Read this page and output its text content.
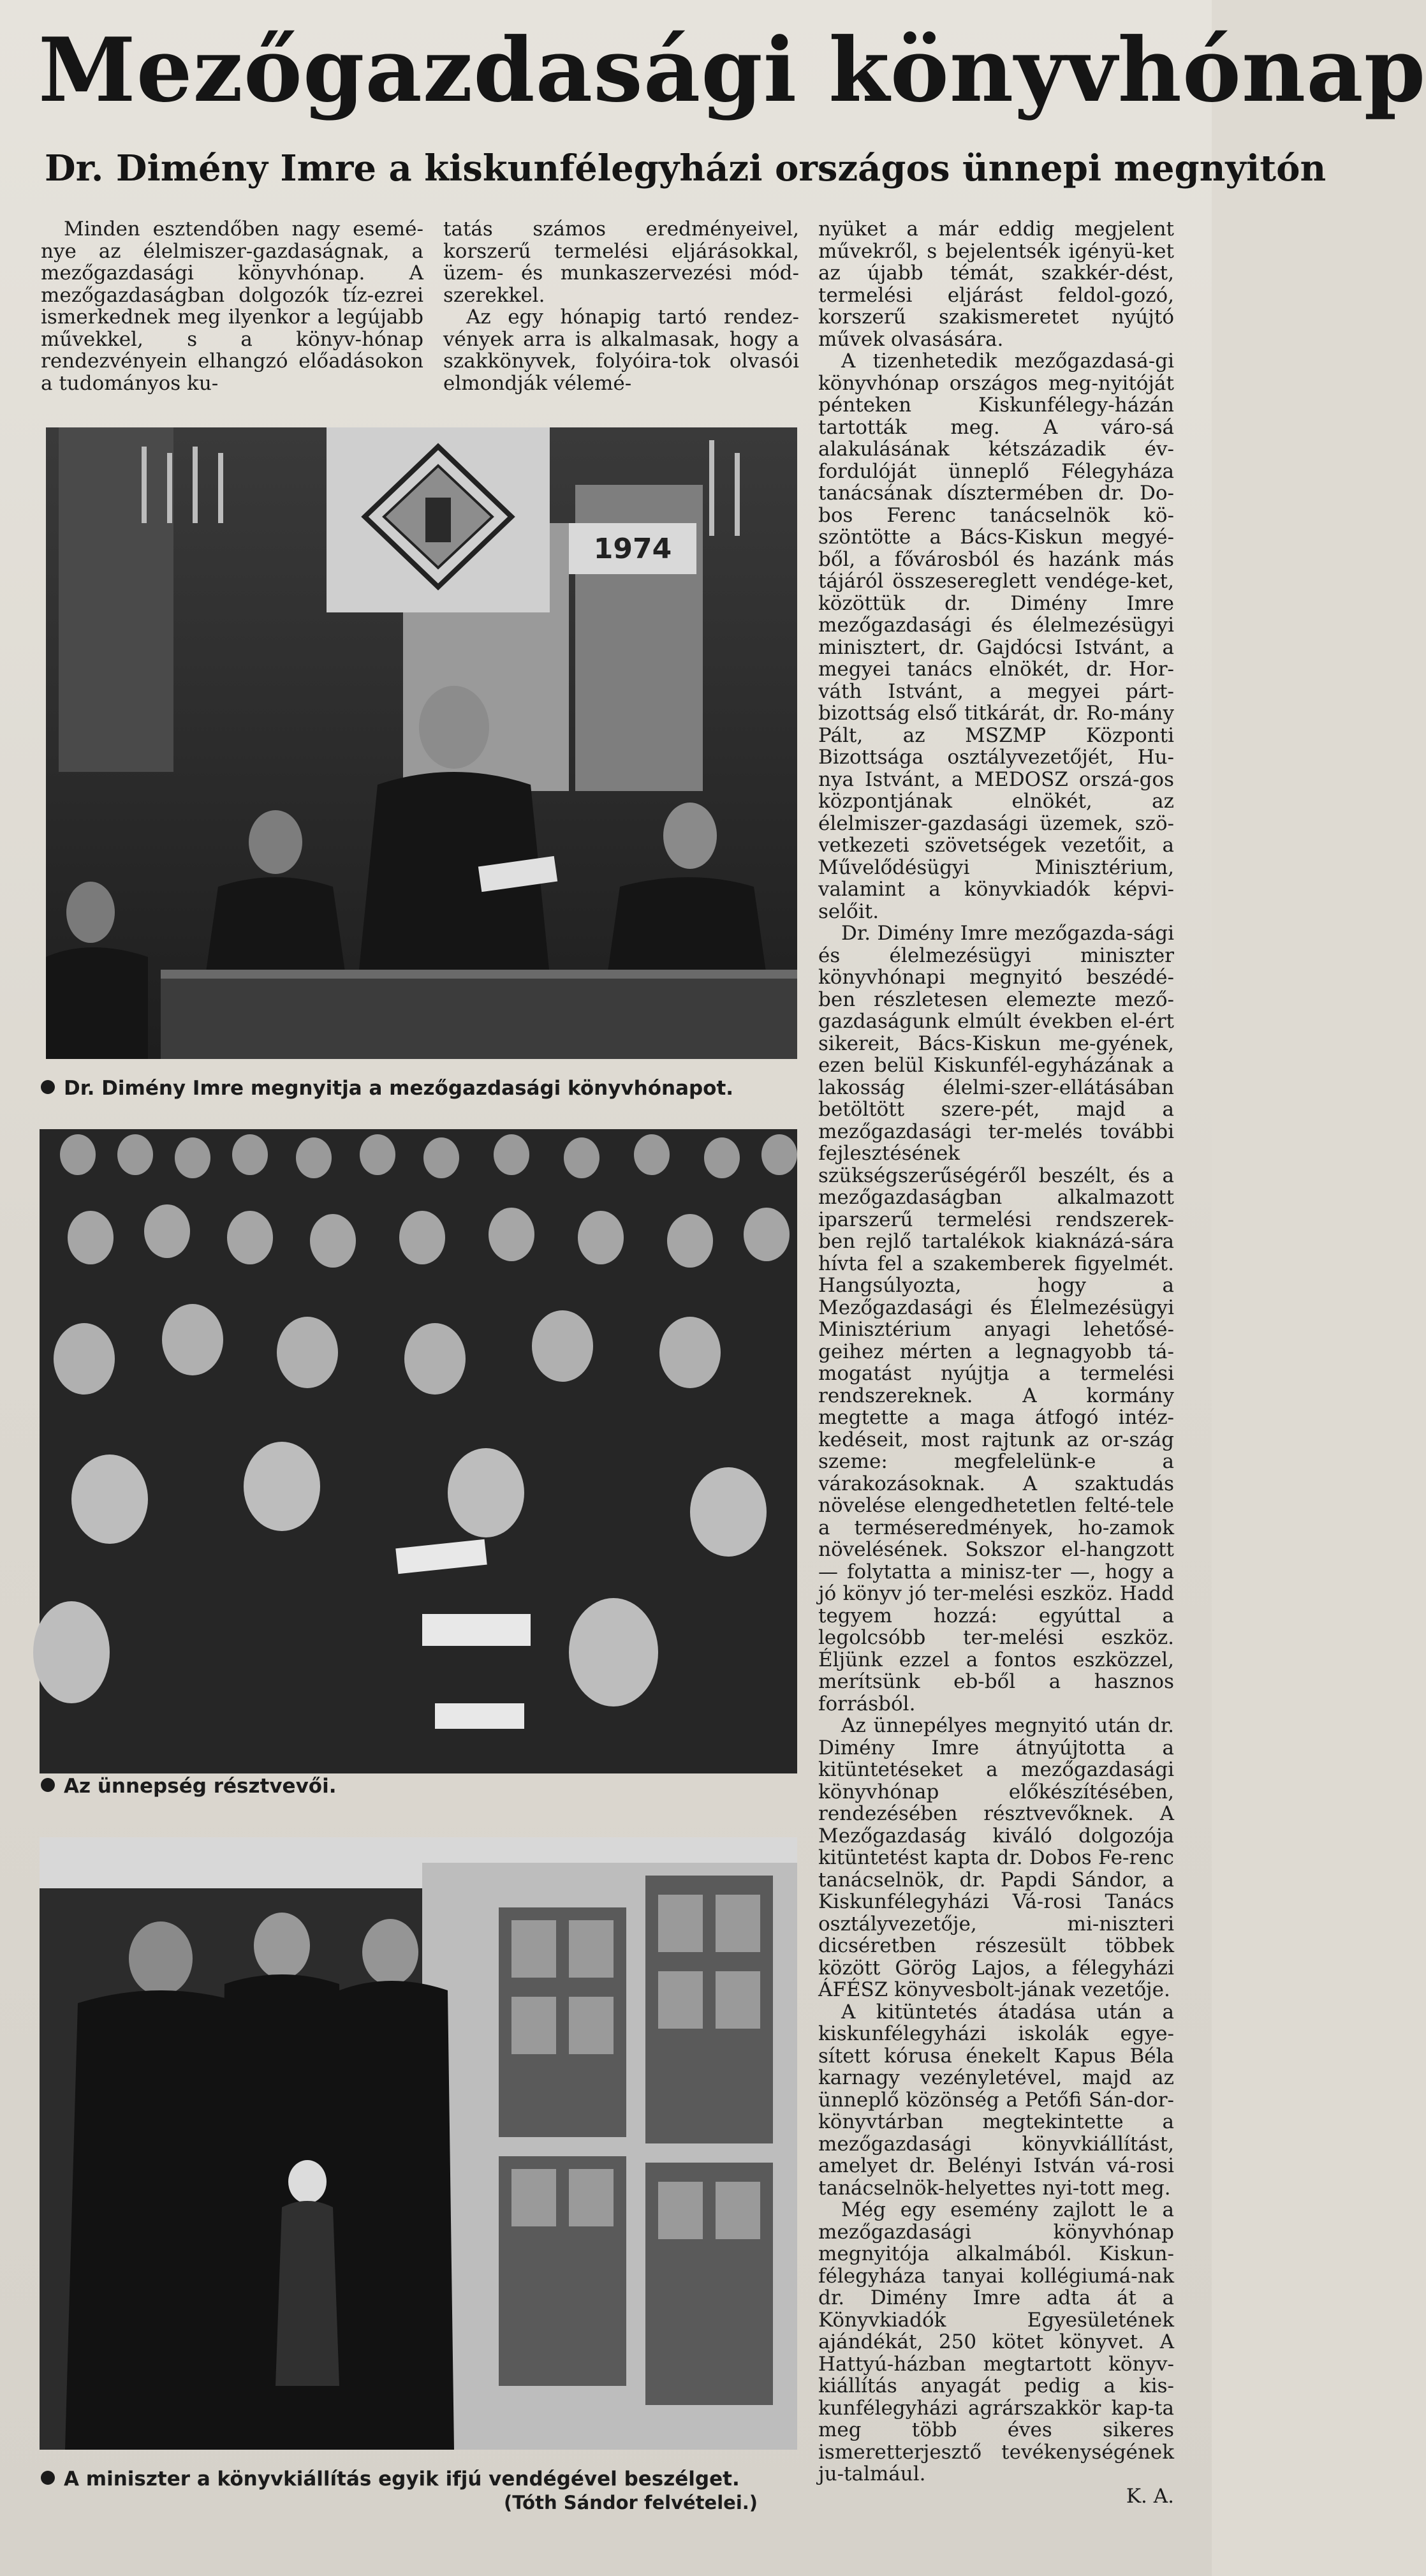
Mezőgazdasági könyvhónap
Dr. Dimény Imre a kiskunfélegyházi országos ünnepi megnyitón

Minden esztendőben nagy esemé-nye az élelmiszer-gazdaságnak, a mezőgazdasági könyvhónap. A mezőgazdaságban dolgozók tíz-ezrei ismerkednek meg ilyenkor a legújabb művekkel, s a könyv-hónap rendezvényein elhangzó előadásokon a tudományos ku-

tatás számos eredményeivel, korszerű termelési eljárásokkal, üzem- és munkaszervezési mód-szerekkel.

Az egy hónapig tartó rendez-vények arra is alkalmasak, hogy a szakkönyvek, folyóira-tok olvasói elmondják vélemé-

1974
Dr. Dimény Imre megnyitja a mezőgazdasági könyvhónapot.
Az ünnepség résztvevői.
A miniszter a könyvkiállítás egyik ifjú vendégével beszélget.
(Tóth Sándor felvételei.)

nyüket a már eddig megjelent művekről, s bejelentsék igényü-ket az újabb témát, szakkér-dést, termelési eljárást feldol-gozó, korszerű szakismeretet nyújtó művek olvasására.

A tizenhetedik mezőgazdasá-gi könyvhónap országos meg-nyitóját pénteken Kiskunfélegy-házán tartották meg. A váro-sá alakulásának kétszázadik év-fordulóját ünneplő Félegyháza tanácsának dísztermében dr. Do-bos Ferenc tanácselnök kö-szöntötte a Bács-Kiskun megyé-ből, a fővárosból és hazánk más tájáról összesereglett vendége-ket, közöttük dr. Dimény Imre mezőgazdasági és élelmezésügyi minisztert, dr. Gajdócsi Istvánt, a megyei tanács elnökét, dr. Hor-váth Istvánt, a megyei párt-bizottság első titkárát, dr. Ro-mány Pált, az MSZMP Központi Bizottsága osztályvezetőjét, Hu-nya Istvánt, a MEDOSZ orszá-gos központjának elnökét, az élelmiszer-gazdasági üzemek, szö-vetkezeti szövetségek vezetőit, a Művelődésügyi Minisztérium, valamint a könyvkiadók képvi-selőit.

Dr. Dimény Imre mezőgazda-sági és élelmezésügyi miniszter könyvhónapi megnyitó beszédé-ben részletesen elemezte mező-gazdaságunk elmúlt években el-ért sikereit, Bács-Kiskun me-gyének, ezen belül Kiskunfél-egyházának a lakosság élelmi-szer-ellátásában betöltött szere-pét, majd a mezőgazdasági ter-melés további fejlesztésének szükségszerűségéről beszélt, és a mezőgazdaságban alkalmazott iparszerű termelési rendszerek-ben rejlő tartalékok kiaknázá-sára hívta fel a szakemberek figyelmét. Hangsúlyozta, hogy a Mezőgazdasági és Élelmezésügyi Minisztérium anyagi lehetősé-geihez mérten a legnagyobb tá-mogatást nyújtja a termelési rendszereknek. A kormány megtette a maga átfogó intéz-kedéseit, most rajtunk az or-szág szeme: megfelelünk-e a várakozásoknak. A szaktudás növelése elengedhetetlen felté-tele a terméseredmények, ho-zamok növelésének. Sokszor el-hangzott — folytatta a minisz-ter —, hogy a jó könyv jó ter-melési eszköz. Hadd tegyem hozzá: egyúttal a legolcsóbb ter-melési eszköz. Éljünk ezzel a fontos eszközzel, merítsünk eb-ből a hasznos forrásból.

Az ünnepélyes megnyitó után dr. Dimény Imre átnyújtotta a kitüntetéseket a mezőgazdasági könyvhónap előkészítésében, rendezésében résztvevőknek. A Mezőgazdaság kiváló dolgozója kitüntetést kapta dr. Dobos Fe-renc tanácselnök, dr. Papdi Sándor, a Kiskunfélegyházi Vá-rosi Tanács osztályvezetője, mi-niszteri dicséretben részesült többek között Görög Lajos, a félegyházi ÁFÉSZ könyvesbolt-jának vezetője.

A kitüntetés átadása után a kiskunfélegyházi iskolák egye-sített kórusa énekelt Kapus Béla karnagy vezényletével, majd az ünneplő közönség a Petőfi Sán-dor-könyvtárban megtekintette a mezőgazdasági könyvkiállítást, amelyet dr. Belényi István vá-rosi tanácselnök-helyettes nyi-tott meg.

Még egy esemény zajlott le a mezőgazdasági könyvhónap megnyitója alkalmából. Kiskun-félegyháza tanyai kollégiumá-nak dr. Dimény Imre adta át a Könyvkiadók Egyesületének ajándékát, 250 kötet könyvet. A Hattyú-házban megtartott könyv-kiállítás anyagát pedig a kis-kunfélegyházi agrárszakkör kap-ta meg több éves sikeres ismeretterjesztő tevékenységének ju-talmául.

K. A.
